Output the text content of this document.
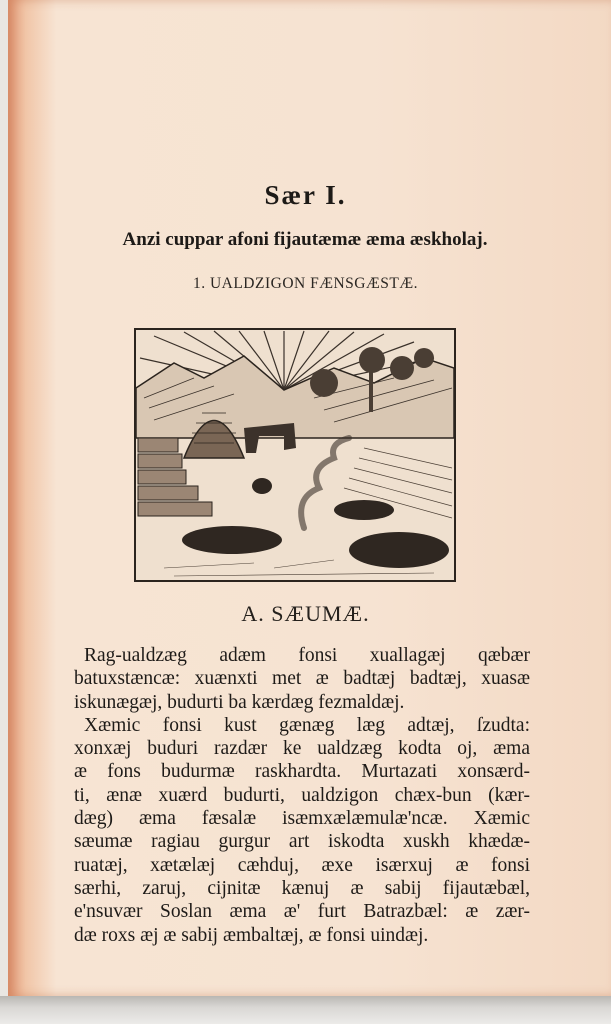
Sær I.
Anzi cuppar afoni fijautæmæ æma æskholaj.
1. UALDZIGON FÆNSGÆSTÆ.
A. SÆUMÆ.
Rag-ualdzæg adæm fonsi xuallagæj qæbær
batuxstæncæ: xuænxti met æ badtæj badtæj, xuasæ
iskunægæj, budurti ba kærdæg fezmaldæj.
Xæmic fonsi kust gænæg læg adtæj, ſzudta:
xonxæj buduri razdær ke ualdzæg kodta oj, æma
æ fons budurmæ raskhardta. Murtazati xonsærd-
ti, ænæ xuærd budurti, ualdzigon chæx-bun (kær-
dæg) æma fæsalæ isæmxælæmulæ'ncæ. Xæmic
sæumæ ragiau gurgur art iskodta xuskh khædæ-
ruatæj, xætælæj cæhduj, æxe isærxuj æ fonsi
særhi, zaruj, cijnitæ kænuj æ sabij fijautæbæl,
e'nsuvær Soslan æma æ' furt Batrazbæl: æ zær-
dæ roxs æj æ sabij æmbaltæj, æ fonsi uindæj.
